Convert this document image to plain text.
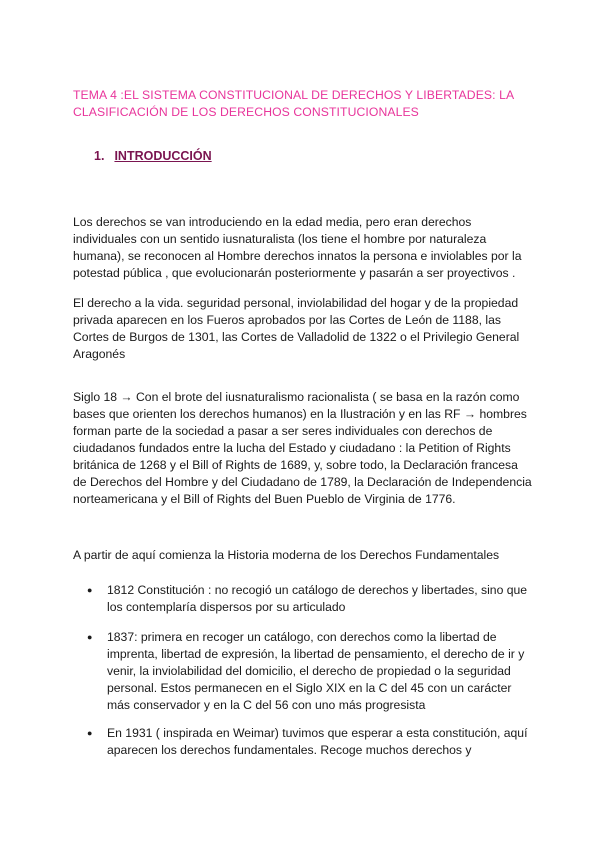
TEMA 4 :EL SISTEMA CONSTITUCIONAL DE DERECHOS Y LIBERTADES: LA CLASIFICACIÓN DE LOS DERECHOS CONSTITUCIONALES
1. INTRODUCCIÓN

Los derechos se van introduciendo en la edad media, pero eran derechos individuales con un sentido iusnaturalista (los tiene el hombre por naturaleza humana), se reconocen al Hombre derechos innatos la persona e inviolables por la potestad pública , que evolucionarán posteriormente y pasarán a ser proyectivos .

El derecho a la vida. seguridad personal, inviolabilidad del hogar y de la propiedad privada aparecen en los Fueros aprobados por las Cortes de León de 1188, las Cortes de Burgos de 1301, las Cortes de Valladolid de 1322 o el Privilegio General Aragonés

Siglo 18 → Con el brote del iusnaturalismo racionalista ( se basa en la razón como bases que orienten los derechos humanos) en la Ilustración y en las RF → hombres forman parte de la sociedad a pasar a ser seres individuales con derechos de ciudadanos fundados entre la lucha del Estado y ciudadano : la Petition of Rights británica de 1268 y el Bill of Rights de 1689, y, sobre todo, la Declaración francesa de Derechos del Hombre y del Ciudadano de 1789, la Declaración de Independencia norteamericana y el Bill of Rights del Buen Pueblo de Virginia de 1776.

A partir de aquí comienza la Historia moderna de los Derechos Fundamentales

●	1812 Constitución : no recogió un catálogo de derechos y libertades, sino que los contemplaría dispersos por su articulado
●	1837: primera en recoger un catálogo, con derechos como la libertad de imprenta, libertad de expresión, la libertad de pensamiento, el derecho de ir y venir, la inviolabilidad del domicilio, el derecho de propiedad o la seguridad personal. Estos permanecen en el Siglo XIX en la C del 45 con un carácter más conservador y en la C del 56 con uno más progresista
●	En 1931 ( inspirada en Weimar) tuvimos que esperar a esta constitución, aquí aparecen los derechos fundamentales. Recoge muchos derechos y
